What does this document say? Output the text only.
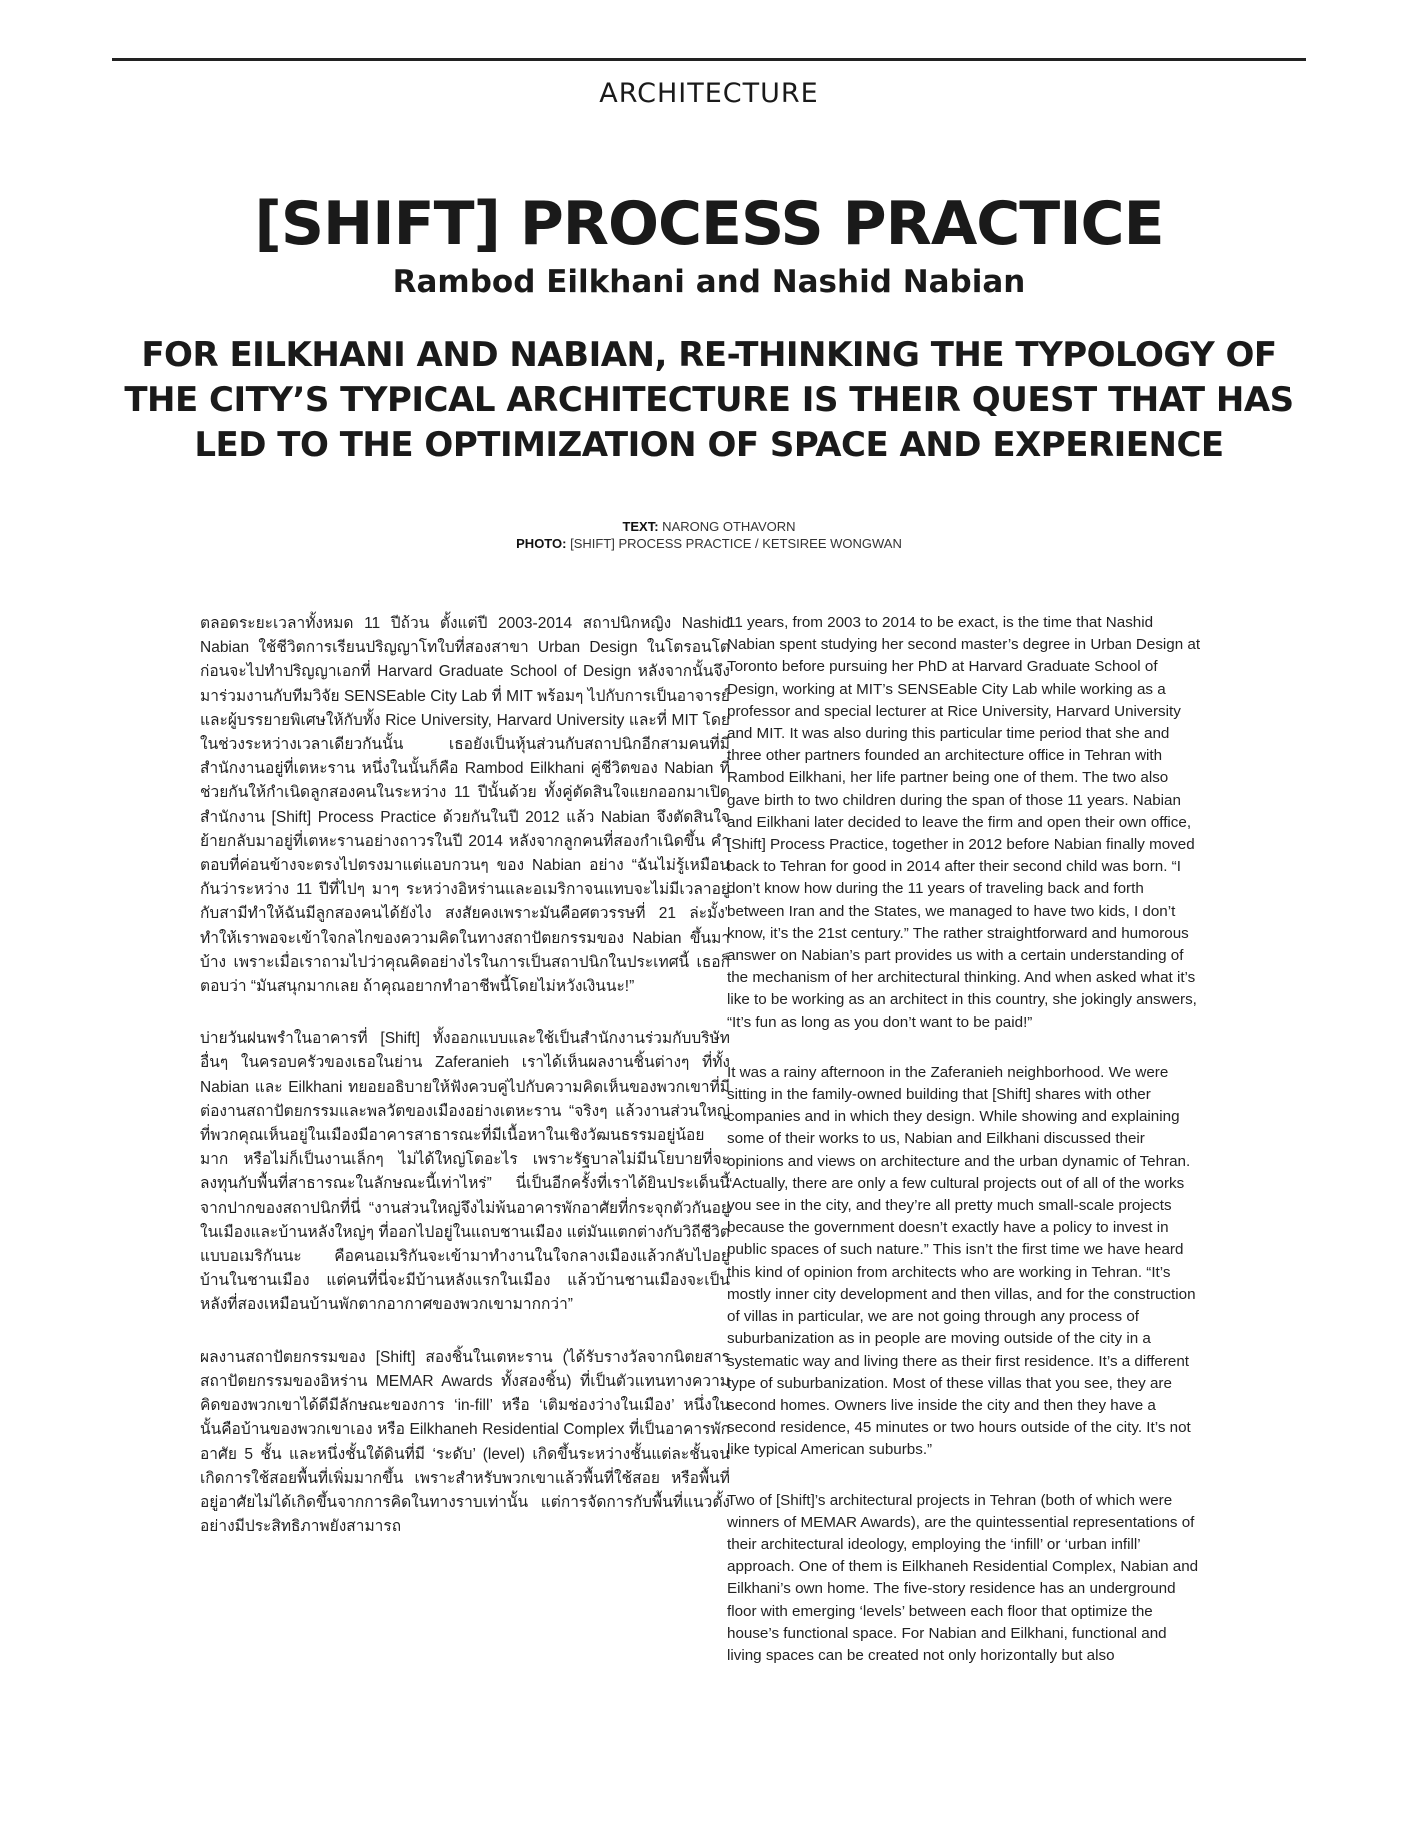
ARCHITECTURE
[SHIFT] PROCESS PRACTICE
Rambod Eilkhani and Nashid Nabian
FOR EILKHANI AND NABIAN, RE-THINKING THE TYPOLOGY OF THE CITY’S TYPICAL ARCHITECTURE IS THEIR QUEST THAT HAS LED TO THE OPTIMIZATION OF SPACE AND EXPERIENCE
TEXT: NARONG OTHAVORN
PHOTO: [SHIFT] PROCESS PRACTICE / KETSIREE WONGWAN

ตลอดระยะเวลาทั้งหมด 11 ปีถ้วน ตั้งแต่ปี 2003-2014 สถาปนิกหญิง Nashid Nabian ใช้ชีวิตการเรียนปริญญาโทใบที่สองสาขา Urban Design ในโตรอนโต ก่อนจะไปทำปริญญาเอกที่ Harvard Graduate School of Design หลังจากนั้นจึงมาร่วมงานกับทีมวิจัย SENSEable City Lab ที่ MIT พร้อมๆ ไปกับการเป็นอาจารย์และผู้บรรยายพิเศษให้กับทั้ง Rice University, Harvard University และที่ MIT โดยในช่วงระหว่างเวลาเดียวกันนั้น เธอยังเป็นหุ้นส่วนกับสถาปนิกอีกสามคนที่มีสำนักงานอยู่ที่เตหะราน หนึ่งในนั้นก็คือ Rambod Eilkhani คู่ชีวิตของ Nabian ที่ช่วยกันให้กำเนิดลูกสองคนในระหว่าง 11 ปีนั้นด้วย ทั้งคู่ตัดสินใจแยกออกมาเปิดสำนักงาน [Shift] Process Practice ด้วยกันในปี 2012 แล้ว Nabian จึงตัดสินใจย้ายกลับมาอยู่ที่เตหะรานอย่างถาวรในปี 2014 หลังจากลูกคนที่สองกำเนิดขึ้น คำตอบที่ค่อนข้างจะตรงไปตรงมาแต่แอบกวนๆ ของ Nabian อย่าง “ฉันไม่รู้เหมือนกันว่าระหว่าง 11 ปีที่ไปๆ มาๆ ระหว่างอิหร่านและอเมริกาจนแทบจะไม่มีเวลาอยู่กับสามีทำให้ฉันมีลูกสองคนได้ยังไง สงสัยคงเพราะมันคือศตวรรษที่ 21 ล่ะมั้ง” ทำให้เราพอจะเข้าใจกลไกของความคิดในทางสถาปัตยกรรมของ Nabian ขึ้นมาบ้าง เพราะเมื่อเราถามไปว่าคุณคิดอย่างไรในการเป็นสถาปนิกในประเทศนี้ เธอก็ตอบว่า “มันสนุกมากเลย ถ้าคุณอยากทำอาชีพนี้โดยไม่หวังเงินนะ!”

บ่ายวันฝนพรำในอาคารที่ [Shift] ทั้งออกแบบและใช้เป็นสำนักงานร่วมกับบริษัทอื่นๆ ในครอบครัวของเธอในย่าน Zaferanieh เราได้เห็นผลงานชิ้นต่างๆ ที่ทั้ง Nabian และ Eilkhani ทยอยอธิบายให้ฟังควบคู่ไปกับความคิดเห็นของพวกเขาที่มีต่องานสถาปัตยกรรมและพลวัตของเมืองอย่างเตหะราน “จริงๆ แล้วงานส่วนใหญ่ที่พวกคุณเห็นอยู่ในเมืองมีอาคารสาธารณะที่มีเนื้อหาในเชิงวัฒนธรรมอยู่น้อยมาก หรือไม่ก็เป็นงานเล็กๆ ไม่ได้ใหญ่โตอะไร เพราะรัฐบาลไม่มีนโยบายที่จะลงทุนกับพื้นที่สาธารณะในลักษณะนี้เท่าไหร่” นี่เป็นอีกครั้งที่เราได้ยินประเด็นนี้จากปากของสถาปนิกที่นี่ “งานส่วนใหญ่จึงไม่พ้นอาคารพักอาศัยที่กระจุกตัวกันอยู่ในเมืองและบ้านหลังใหญ่ๆ ที่ออกไปอยู่ในแถบชานเมือง แต่มันแตกต่างกับวิถีชีวิตแบบอเมริกันนะ คือคนอเมริกันจะเข้ามาทำงานในใจกลางเมืองแล้วกลับไปอยู่บ้านในชานเมือง แต่คนที่นี่จะมีบ้านหลังแรกในเมือง แล้วบ้านชานเมืองจะเป็นหลังที่สองเหมือนบ้านพักตากอากาศของพวกเขามากกว่า”

ผลงานสถาปัตยกรรมของ [Shift] สองชิ้นในเตหะราน (ได้รับรางวัลจากนิตยสารสถาปัตยกรรมของอิหร่าน MEMAR Awards ทั้งสองชิ้น) ที่เป็นตัวแทนทางความคิดของพวกเขาได้ดีมีลักษณะของการ ‘in-fill’ หรือ ‘เติมช่องว่างในเมือง’ หนึ่งในนั้นคือบ้านของพวกเขาเอง หรือ Eilkhaneh Residential Complex ที่เป็นอาคารพักอาศัย 5 ชั้น และหนึ่งชั้นใต้ดินที่มี ‘ระดับ’ (level) เกิดขึ้นระหว่างชั้นแต่ละชั้นจนเกิดการใช้สอยพื้นที่เพิ่มมากขึ้น เพราะสำหรับพวกเขาแล้วพื้นที่ใช้สอย หรือพื้นที่อยู่อาศัยไม่ได้เกิดขึ้นจากการคิดในทางราบเท่านั้น แต่การจัดการกับพื้นที่แนวตั้งอย่างมีประสิทธิภาพยังสามารถ

11 years, from 2003 to 2014 to be exact, is the time that Nashid Nabian spent studying her second master’s degree in Urban Design at Toronto before pursuing her PhD at Harvard Graduate School of Design, working at MIT’s SENSEable City Lab while working as a professor and special lecturer at Rice University, Harvard University and MIT. It was also during this particular time period that she and three other partners founded an architecture office in Tehran with Rambod Eilkhani, her life partner being one of them. The two also gave birth to two children during the span of those 11 years. Nabian and Eilkhani later decided to leave the firm and open their own office, [Shift] Process Practice, together in 2012 before Nabian finally moved back to Tehran for good in 2014 after their second child was born. “I don’t know how during the 11 years of traveling back and forth between Iran and the States, we managed to have two kids, I don’t know, it’s the 21st century.” The rather straightforward and humorous answer on Nabian’s part provides us with a certain understanding of the mechanism of her architectural thinking. And when asked what it’s like to be working as an architect in this country, she jokingly answers, “It’s fun as long as you don’t want to be paid!”

It was a rainy afternoon in the Zaferanieh neighborhood. We were sitting in the family-owned building that [Shift] shares with other companies and in which they design. While showing and explaining some of their works to us, Nabian and Eilkhani discussed their opinions and views on architecture and the urban dynamic of Tehran. “Actually, there are only a few cultural projects out of all of the works you see in the city, and they’re all pretty much small-scale projects because the government doesn’t exactly have a policy to invest in public spaces of such nature.” This isn’t the first time we have heard this kind of opinion from architects who are working in Tehran. “It’s mostly inner city development and then villas, and for the construction of villas in particular, we are not going through any process of suburbanization as in people are moving outside of the city in a systematic way and living there as their first residence. It’s a different type of suburbanization. Most of these villas that you see, they are second homes. Owners live inside the city and then they have a second residence, 45 minutes or two hours outside of the city. It’s not like typical American suburbs.”

Two of [Shift]’s architectural projects in Tehran (both of which were winners of MEMAR Awards), are the quintessential representations of their architectural ideology, employing the ‘infill’ or ‘urban infill’ approach. One of them is Eilkhaneh Residential Complex, Nabian and Eilkhani’s own home. The five-story residence has an underground floor with emerging ‘levels’ between each floor that optimize the house’s functional space. For Nabian and Eilkhani, functional and living spaces can be created not only horizontally but also
